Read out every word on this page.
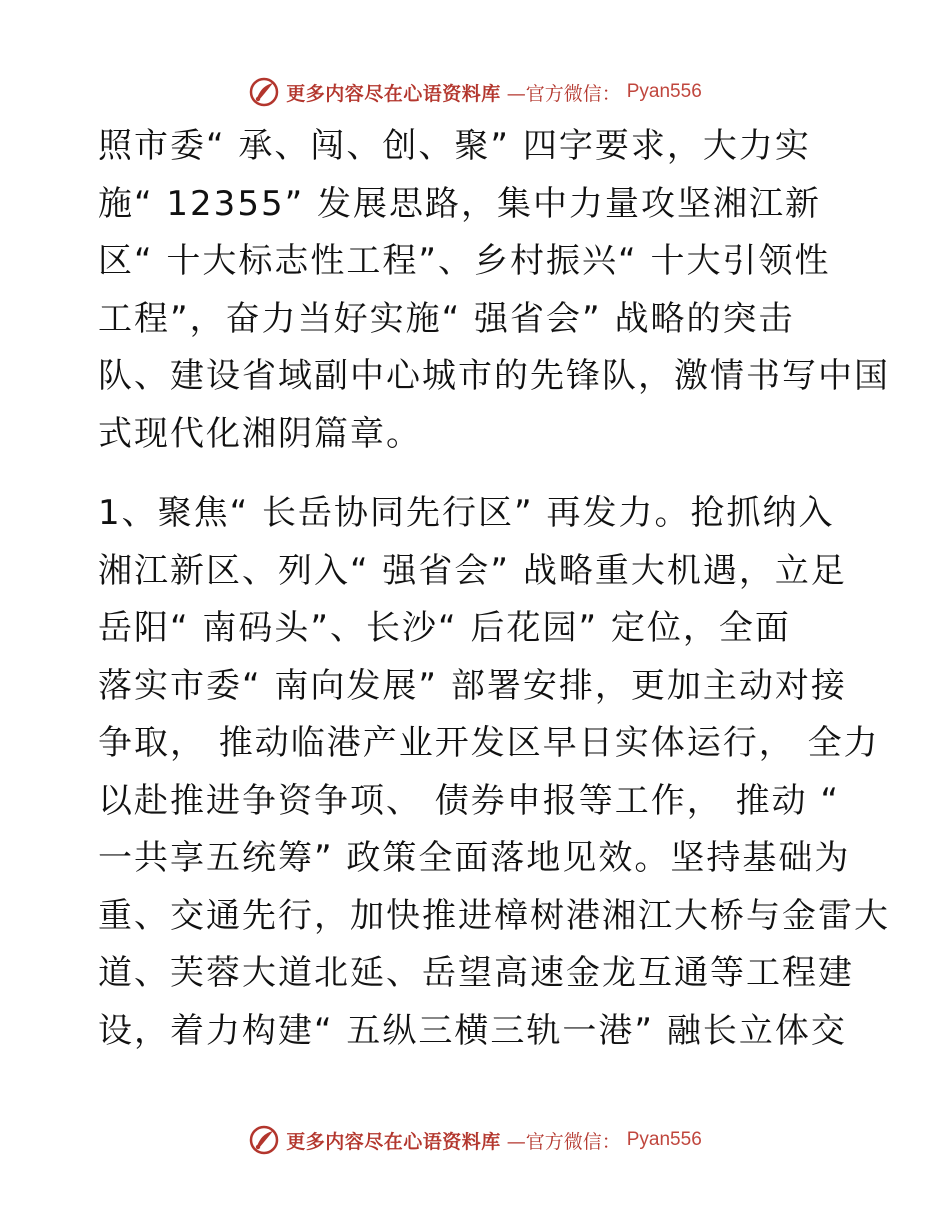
更多内容尽在心语资料库 —官方微信： Pyan556
照市委“ 承、闯、创、聚” 四字要求，大力实
施“ 12355” 发展思路，集中力量攻坚湘江新
区“ 十大标志性工程”、乡村振兴“ 十大引领性
工程”，奋力当好实施“ 强省会” 战略的突击
队、建设省域副中心城市的先锋队，激情书写中国
式现代化湘阴篇章。
1、聚焦“ 长岳协同先行区” 再发力。抢抓纳入
湘江新区、列入“ 强省会” 战略重大机遇，立足
岳阳“ 南码头”、长沙“ 后花园” 定位，全面
落实市委“ 南向发展” 部署安排，更加主动对接
争取， 推动临港产业开发区早日实体运行， 全力
以赴推进争资争项、 债券申报等工作， 推动 “
一共享五统筹” 政策全面落地见效。坚持基础为
重、交通先行，加快推进樟树港湘江大桥与金雷大
道、芙蓉大道北延、岳望高速金龙互通等工程建
设，着力构建“ 五纵三横三轨一港” 融长立体交
更多内容尽在心语资料库 —官方微信： Pyan556
